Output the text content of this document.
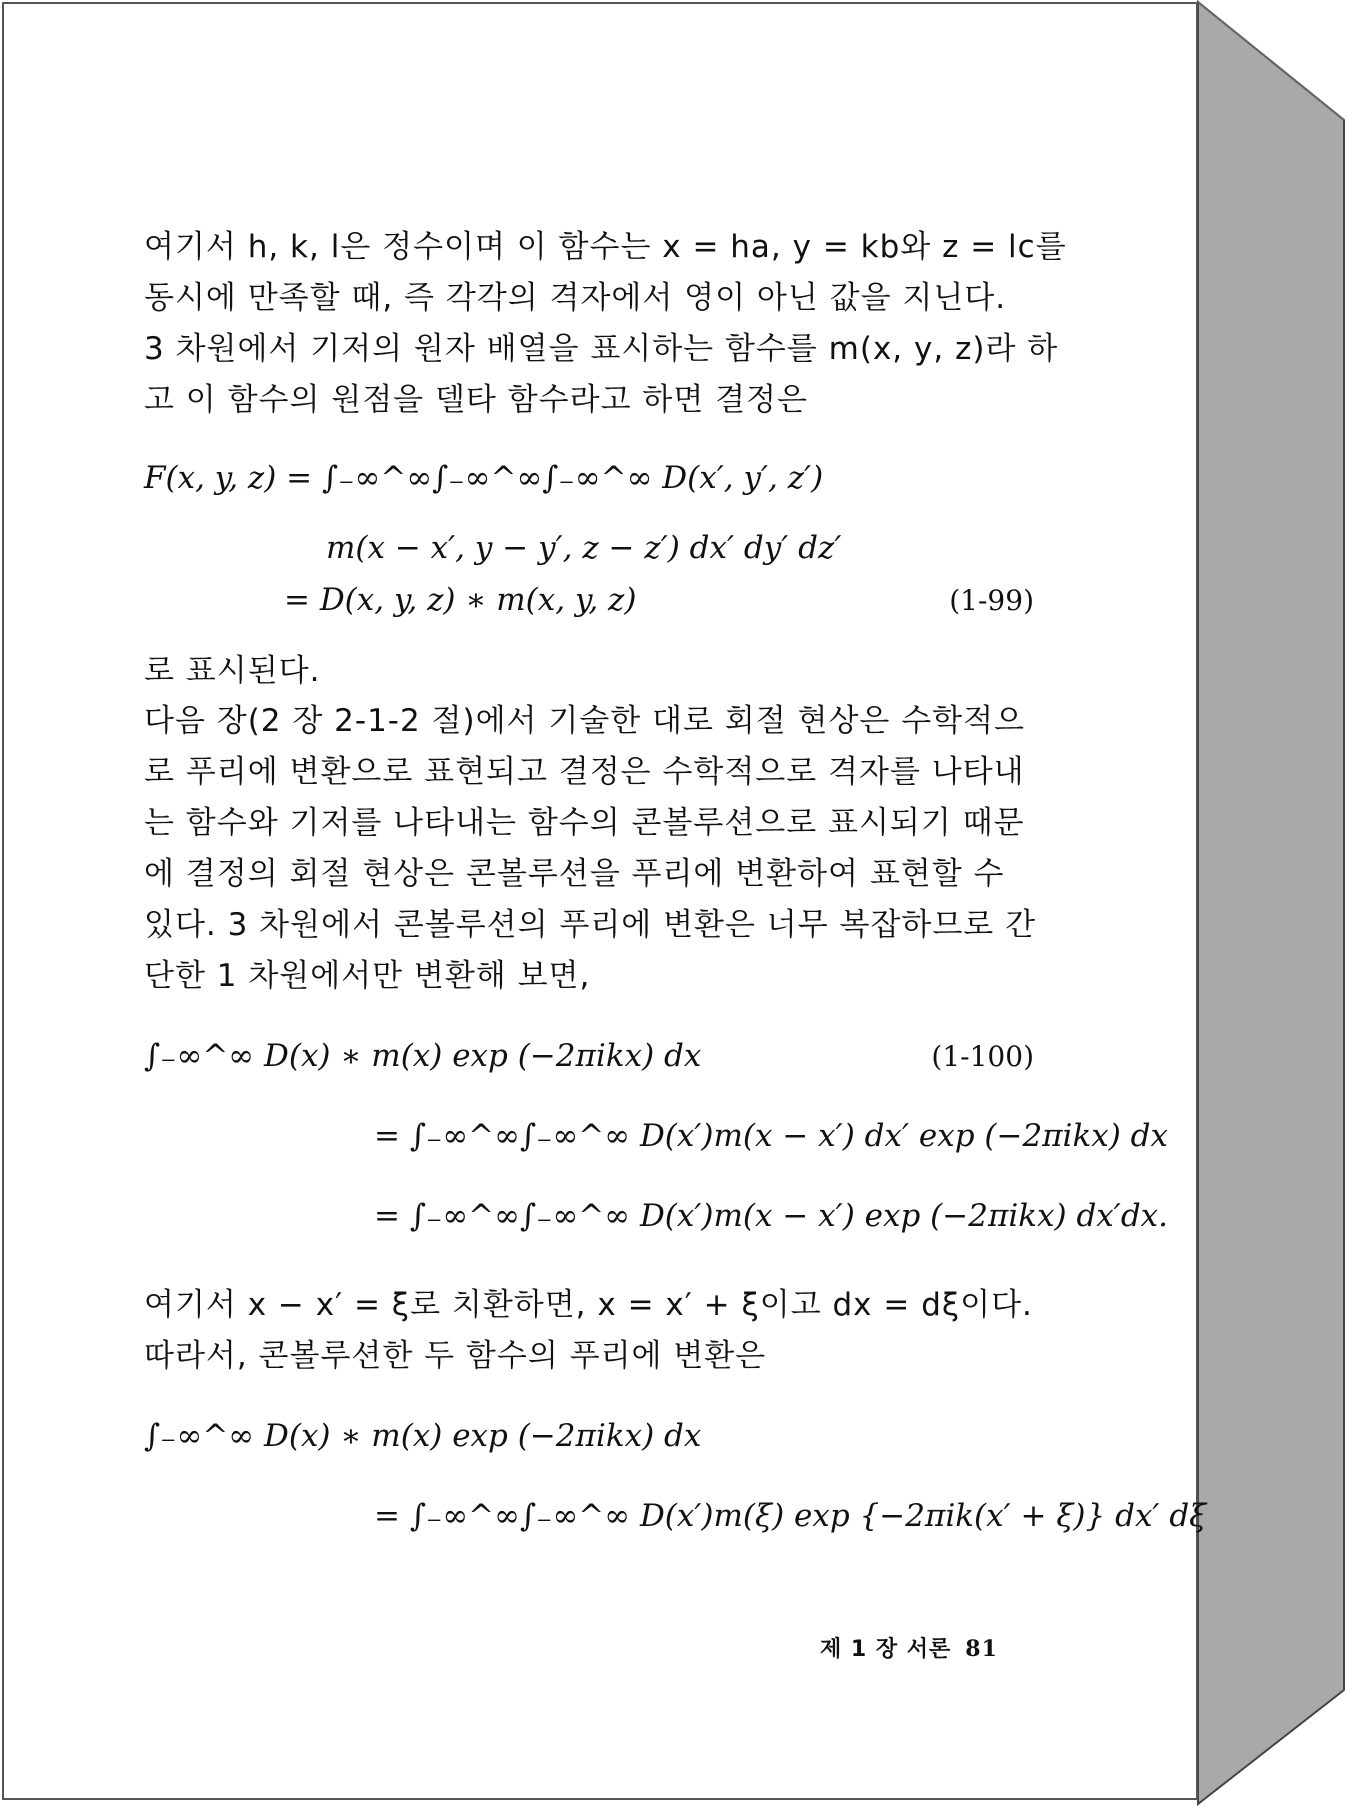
여기서 h, k, l은 정수이며 이 함수는 x = ha, y = kb와 z = lc를
동시에 만족할 때, 즉 각각의 격자에서 영이 아닌 값을 지닌다.
3 차원에서 기저의 원자 배열을 표시하는 함수를 m(x, y, z)라 하
고 이 함수의 원점을 델타 함수라고 하면 결정은
F(x, y, z) = ∫₋∞^∞∫₋∞^∞∫₋∞^∞ D(x′, y′, z′)
m(x − x′, y − y′, z − z′) dx′ dy′ dz′
= D(x, y, z) ∗ m(x, y, z)	(1-99)
로 표시된다.
다음 장(2 장 2-1-2 절)에서 기술한 대로 회절 현상은 수학적으
로 푸리에 변환으로 표현되고 결정은 수학적으로 격자를 나타내
는 함수와 기저를 나타내는 함수의 콘볼루션으로 표시되기 때문
에 결정의 회절 현상은 콘볼루션을 푸리에 변환하여 표현할 수
있다. 3 차원에서 콘볼루션의 푸리에 변환은 너무 복잡하므로 간
단한 1 차원에서만 변환해 보면,
∫₋∞^∞ D(x) ∗ m(x) exp (−2πikx) dx	(1-100)
= ∫₋∞^∞∫₋∞^∞ D(x′)m(x − x′) dx′ exp (−2πikx) dx
= ∫₋∞^∞∫₋∞^∞ D(x′)m(x − x′) exp (−2πikx) dx′dx.
여기서 x − x′ = ξ로 치환하면, x = x′ + ξ이고 dx = dξ이다.
따라서, 콘볼루션한 두 함수의 푸리에 변환은
∫₋∞^∞ D(x) ∗ m(x) exp (−2πikx) dx
= ∫₋∞^∞∫₋∞^∞ D(x′)m(ξ) exp {−2πik(x′ + ξ)} dx′ dξ
제 1 장 서론 81
